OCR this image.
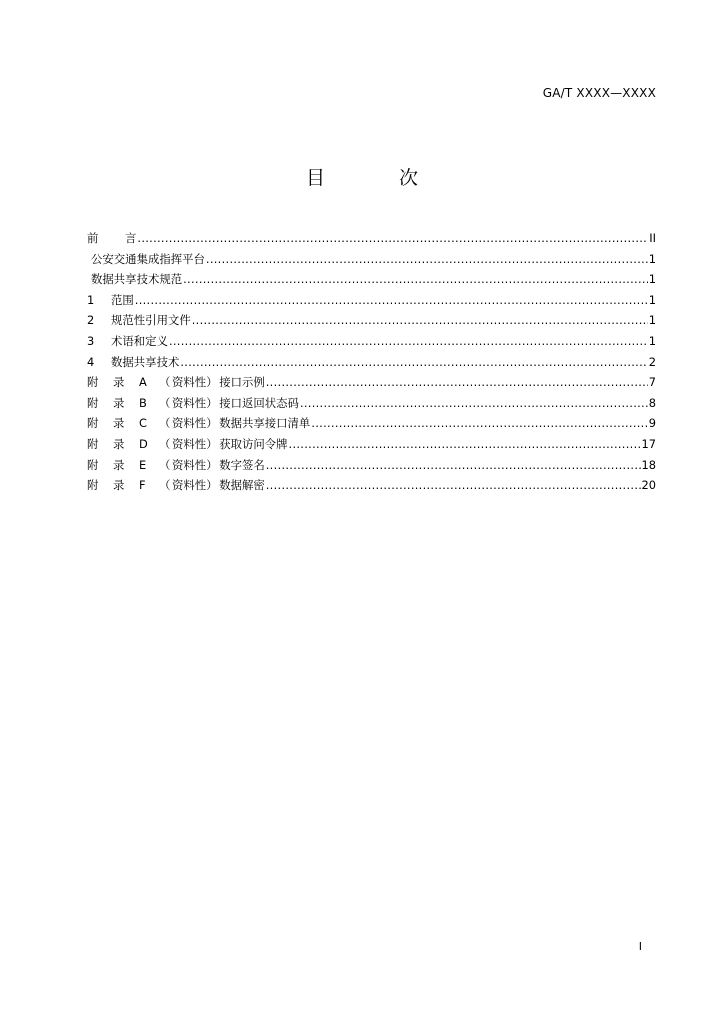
GA/T XXXX—XXXX
目 次
前 言 .....	II
公安交通集成指挥平台 .....	1
数据共享技术规范 .....	1
1 范围 .....	1
2 规范性引用文件 .....	1
3 术语和定义 .....	1
4 数据共享技术 .....	2
附 录 A （ 资料性） 接口示例 .....	7
附 录 B （ 资料性） 接口返回状态码 .....	8
附 录 C （ 资料性） 数据共享接口清单 .....	9
附 录 D （ 资料性） 获取访问令牌 .....	17
附 录 E （ 资料性） 数字签名 .....	18
附 录 F （ 资料性） 数据解密 .....	20
I
